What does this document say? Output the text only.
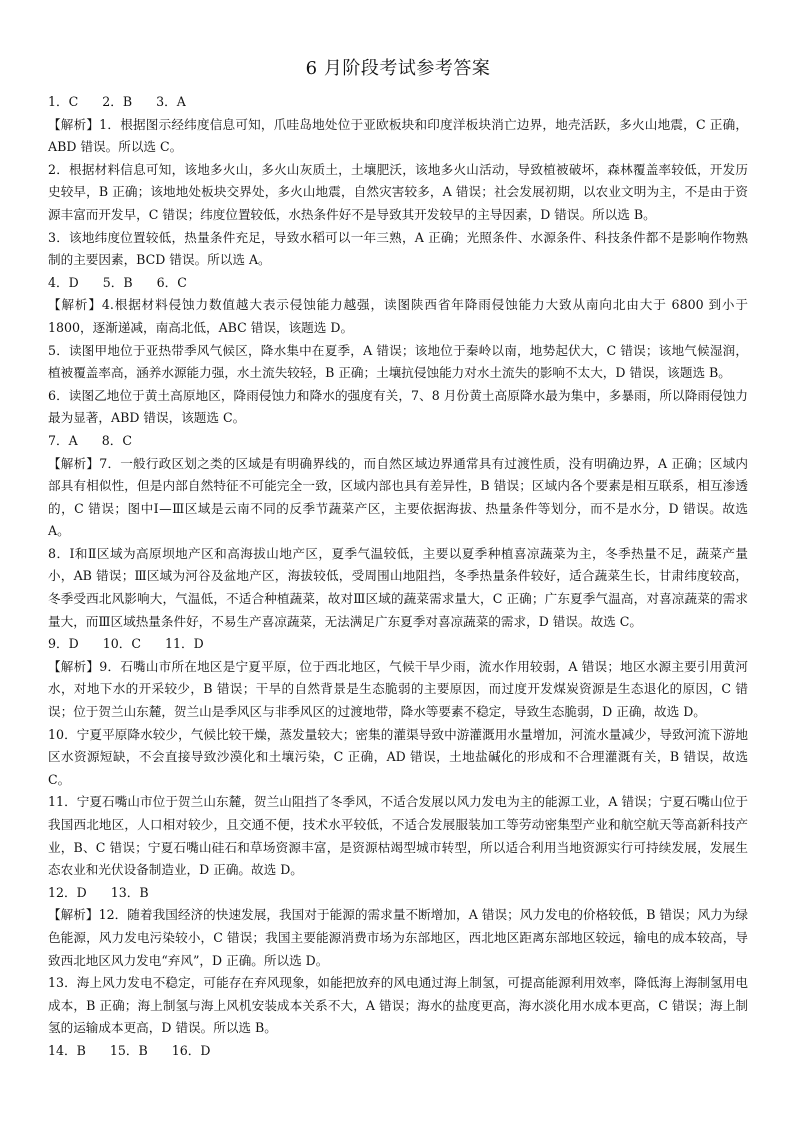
6 月阶段考试参考答案

1．C      2．B      3．A

【解析】1．根据图示经纬度信息可知，爪哇岛地处位于亚欧板块和印度洋板块消亡边界，地壳活跃，多火山地震，C 正确，ABD 错误。所以选 C。

2．根据材料信息可知，该地多火山，多火山灰质土，土壤肥沃，该地多火山活动，导致植被破坏，森林覆盖率较低，开发历史较早，B 正确；该地地处板块交界处，多火山地震，自然灾害较多，A 错误；社会发展初期，以农业文明为主，不是由于资源丰富而开发早，C 错误；纬度位置较低，水热条件好不是导致其开发较早的主导因素，D 错误。所以选 B。

3．该地纬度位置较低，热量条件充足，导致水稻可以一年三熟，A 正确；光照条件、水源条件、科技条件都不是影响作物熟制的主要因素，BCD 错误。所以选 A。

4．D      5．B      6．C

【解析】4.根据材料侵蚀力数值越大表示侵蚀能力越强，读图陕西省年降雨侵蚀能力大致从南向北由大于 6800 到小于 1800，逐渐递减，南高北低，ABC 错误，该题选 D。

5．读图甲地位于亚热带季风气候区，降水集中在夏季，A 错误；该地位于秦岭以南，地势起伏大，C 错误；该地气候湿润，植被覆盖率高，涵养水源能力强，水土流失较轻，B 正确；土壤抗侵蚀能力对水土流失的影响不太大，D 错误，该题选 B。

6．读图乙地位于黄土高原地区，降雨侵蚀力和降水的强度有关，7、8 月份黄土高原降水最为集中，多暴雨，所以降雨侵蚀力最为显著，ABD 错误，该题选 C。

7．A      8．C

【解析】7．一般行政区划之类的区域是有明确界线的，而自然区域边界通常具有过渡性质，没有明确边界，A 正确；区域内部具有相似性，但是内部自然特征不可能完全一致，区域内部也具有差异性，B 错误；区域内各个要素是相互联系，相互渗透的，C 错误；图中Ⅰ—Ⅲ区域是云南不同的反季节蔬菜产区，主要依据海拔、热量条件等划分，而不是水分，D 错误。故选 A。

8．Ⅰ和Ⅱ区域为高原坝地产区和高海拔山地产区，夏季气温较低，主要以夏季种植喜凉蔬菜为主，冬季热量不足，蔬菜产量小，AB 错误；Ⅲ区域为河谷及盆地产区，海拔较低，受周围山地阻挡，冬季热量条件较好，适合蔬菜生长，甘肃纬度较高，冬季受西北风影响大，气温低，不适合种植蔬菜，故对Ⅲ区域的蔬菜需求量大，C 正确；广东夏季气温高，对喜凉蔬菜的需求量大，而Ⅲ区域热量条件好，不易生产喜凉蔬菜，无法满足广东夏季对喜凉蔬菜的需求，D 错误。故选 C。

9．D      10．C      11．D

【解析】9．石嘴山市所在地区是宁夏平原，位于西北地区，气候干旱少雨，流水作用较弱，A 错误；地区水源主要引用黄河水，对地下水的开采较少，B 错误；干旱的自然背景是生态脆弱的主要原因，而过度开发煤炭资源是生态退化的原因，C 错误；位于贺兰山东麓，贺兰山是季风区与非季风区的过渡地带，降水等要素不稳定，导致生态脆弱，D 正确，故选 D。

10．宁夏平原降水较少，气候比较干燥，蒸发量较大；密集的灌渠导致中游灌溉用水量增加，河流水量减少，导致河流下游地区水资源短缺，不会直接导致沙漠化和土壤污染，C 正确，AD 错误，土地盐碱化的形成和不合理灌溉有关，B 错误，故选 C。

11．宁夏石嘴山市位于贺兰山东麓，贺兰山阻挡了冬季风，不适合发展以风力发电为主的能源工业，A 错误；宁夏石嘴山位于我国西北地区，人口相对较少，且交通不便，技术水平较低，不适合发展服装加工等劳动密集型产业和航空航天等高新科技产业，B、C 错误；宁夏石嘴山硅石和草场资源丰富，是资源枯竭型城市转型，所以适合利用当地资源实行可持续发展，发展生态农业和光伏设备制造业，D 正确。故选 D。

12．D      13．B

【解析】12．随着我国经济的快速发展，我国对于能源的需求量不断增加，A 错误；风力发电的价格较低，B 错误；风力为绿色能源，风力发电污染较小，C 错误；我国主要能源消费市场为东部地区，西北地区距离东部地区较远，输电的成本较高，导致西北地区风力发电“弃风”，D 正确。所以选 D。

13．海上风力发电不稳定，可能存在弃风现象，如能把放弃的风电通过海上制氢，可提高能源利用效率，降低海上海制氢用电成本，B 正确；海上制氢与海上风机安装成本关系不大，A 错误；海水的盐度更高，海水淡化用水成本更高，C 错误；海上制氢的运输成本更高，D 错误。所以选 B。

14．B      15．B      16．D
